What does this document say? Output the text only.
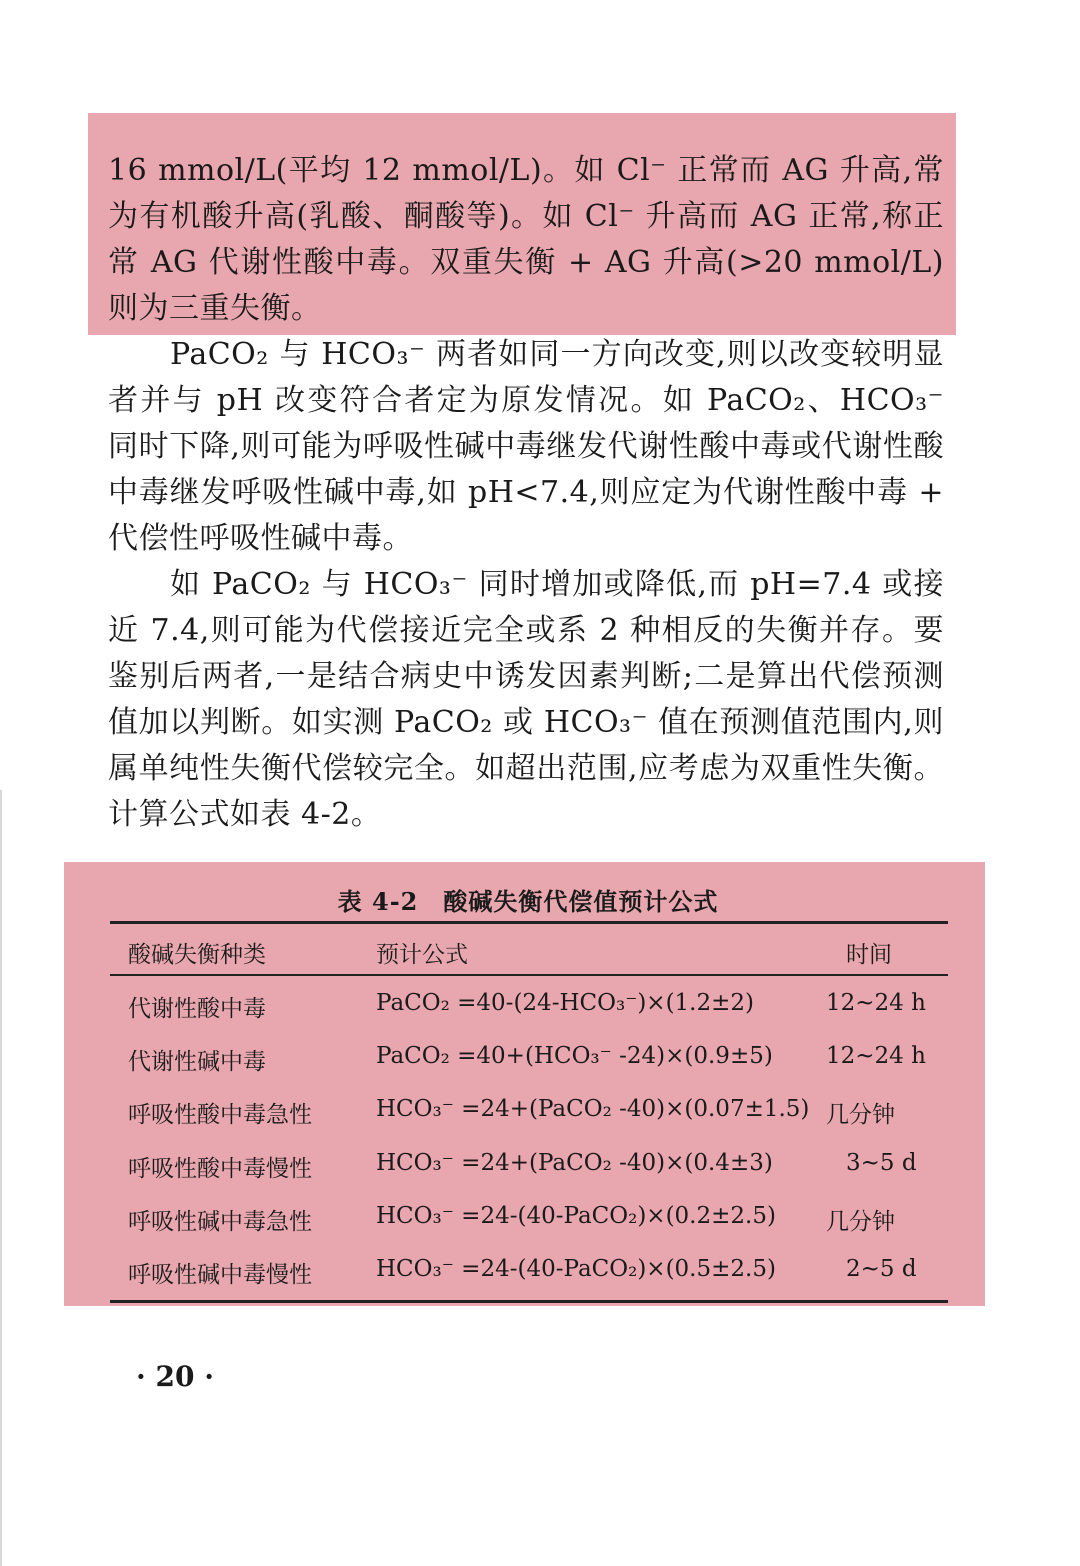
16 mmol/L(平均 12 mmol/L)。如 Cl⁻ 正常而 AG 升高,常为有机酸升高(乳酸、酮酸等)。如 Cl⁻ 升高而 AG 正常,称正常 AG 代谢性酸中毒。双重失衡 + AG 升高(>20 mmol/L)则为三重失衡。
PaCO₂ 与 HCO₃⁻ 两者如同一方向改变,则以改变较明显者并与 pH 改变符合者定为原发情况。如 PaCO₂、HCO₃⁻ 同时下降,则可能为呼吸性碱中毒继发代谢性酸中毒或代谢性酸中毒继发呼吸性碱中毒,如 pH<7.4,则应定为代谢性酸中毒 + 代偿性呼吸性碱中毒。
如 PaCO₂ 与 HCO₃⁻ 同时增加或降低,而 pH=7.4 或接近 7.4,则可能为代偿接近完全或系 2 种相反的失衡并存。要鉴别后两者,一是结合病史中诱发因素判断;二是算出代偿预测值加以判断。如实测 PaCO₂ 或 HCO₃⁻ 值在预测值范围内,则属单纯性失衡代偿较完全。如超出范围,应考虑为双重性失衡。计算公式如表 4-2。
表 4-2　酸碱失衡代偿值预计公式
酸碱失衡种类	预计公式	时间
代谢性酸中毒	PaCO₂ =40-(24-HCO₃⁻)×(1.2±2)	12~24 h
代谢性碱中毒	PaCO₂ =40+(HCO₃⁻ -24)×(0.9±5) 12~24 h
呼吸性酸中毒急性	HCO₃⁻ =24+(PaCO₂ -40)×(0.07±1.5) 几分钟
呼吸性酸中毒慢性	HCO₃⁻ =24+(PaCO₂ -40)×(0.4±3)	3~5 d
呼吸性碱中毒急性	HCO₃⁻ =24-(40-PaCO₂)×(0.2±2.5) 几分钟
呼吸性碱中毒慢性	HCO₃⁻ =24-(40-PaCO₂)×(0.5±2.5)	2~5 d
· 20 ·
